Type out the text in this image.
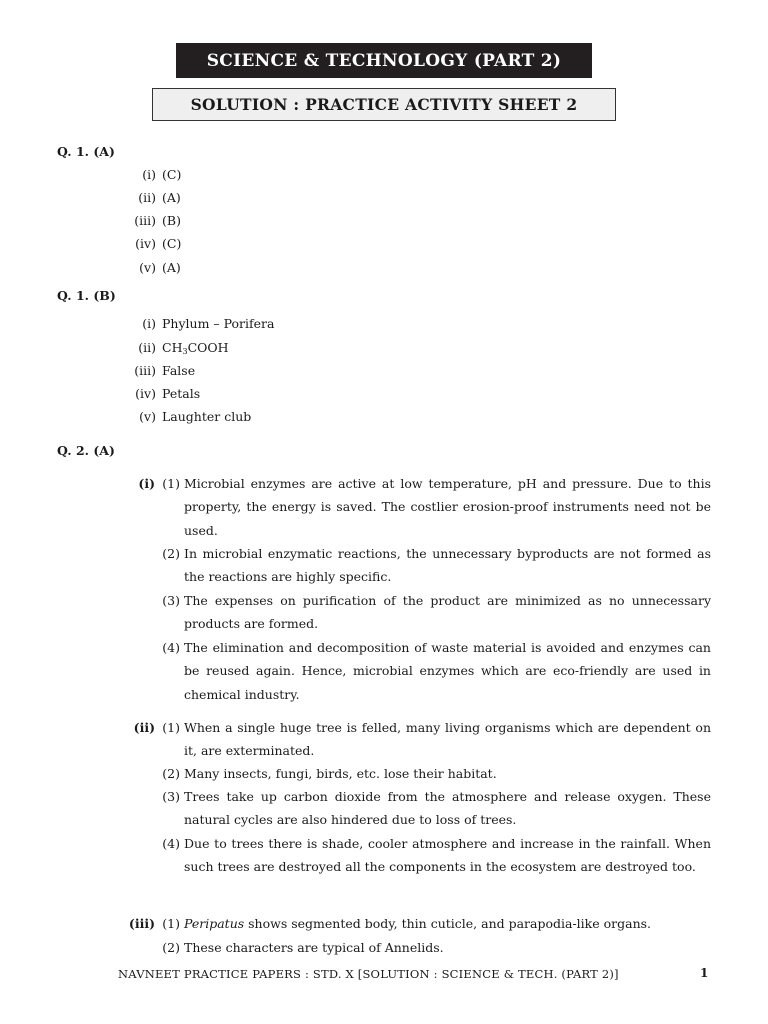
SCIENCE & TECHNOLOGY (PART 2)
SOLUTION : PRACTICE ACTIVITY SHEET 2
Q. 1. (A)
(i) (C)
(ii) (A)
(iii) (B)
(iv) (C)
(v) (A)
Q. 1. (B)
(i) Phylum – Porifera
(ii) $CH_3COOH$
(iii) False
(iv) Petals
(v) Laughter club
Q. 2. (A)
(i) (1) Microbial enzymes are active at low temperature, pH and pressure. Due to this property, the energy is saved. The costlier erosion-proof instruments need not be used.
(2) In microbial enzymatic reactions, the unnecessary byproducts are not formed as the reactions are highly specific.
(3) The expenses on purification of the product are minimized as no unnecessary products are formed.
(4) The elimination and decomposition of waste material is avoided and enzymes can be reused again. Hence, microbial enzymes which are eco-friendly are used in chemical industry.
(ii) (1) When a single huge tree is felled, many living organisms which are dependent on it, are exterminated.
(2) Many insects, fungi, birds, etc. lose their habitat.
(3) Trees take up carbon dioxide from the atmosphere and release oxygen. These natural cycles are also hindered due to loss of trees.
(4) Due to trees there is shade, cooler atmosphere and increase in the rainfall. When such trees are destroyed all the components in the ecosystem are destroyed too.
(iii) (1) Peripatus shows segmented body, thin cuticle, and parapodia-like organs.
(2) These characters are typical of Annelids.
NAVNEET PRACTICE PAPERS : STD. X [SOLUTION : SCIENCE & TECH. (PART 2)]	1
